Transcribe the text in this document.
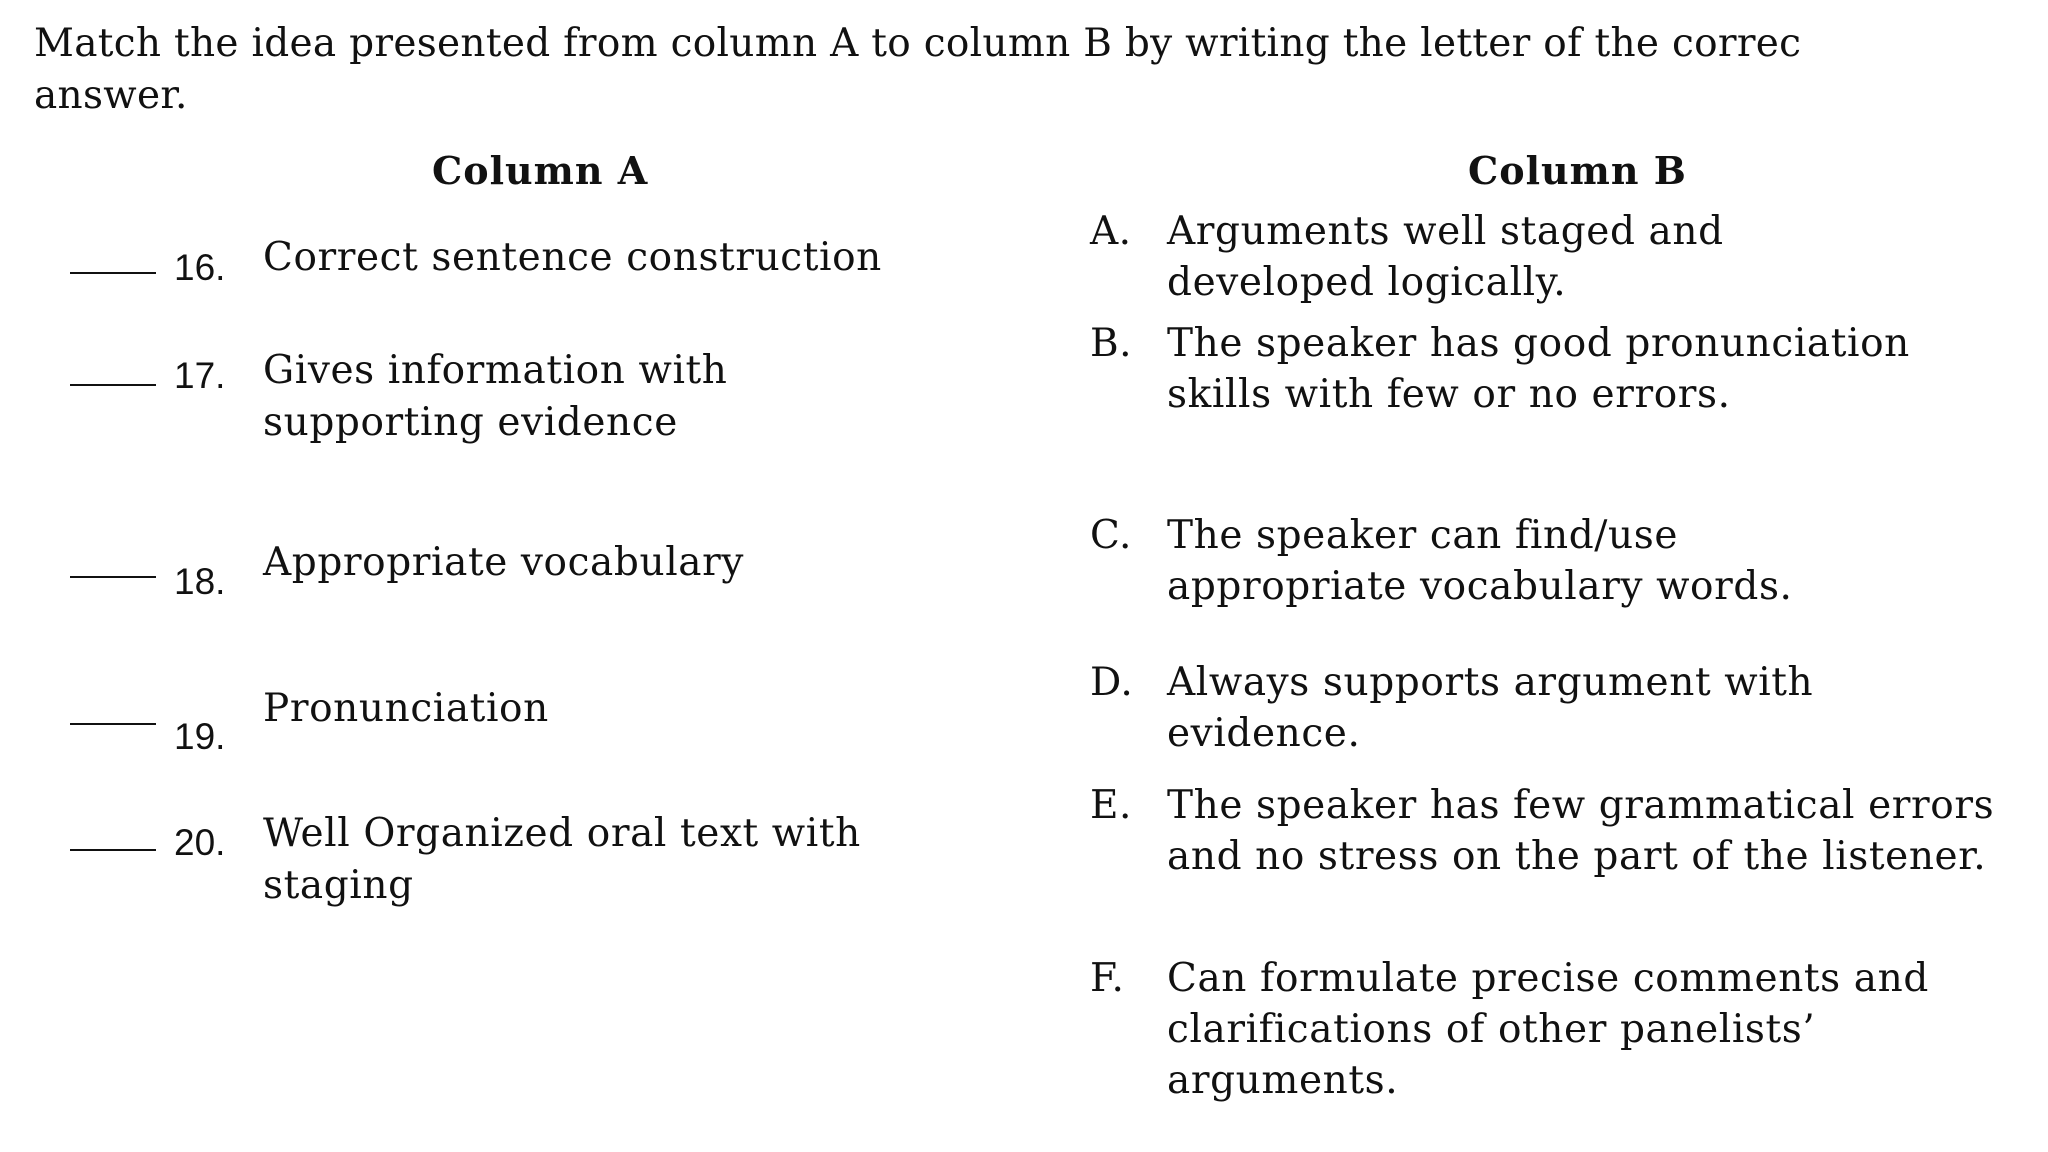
Match the idea presented from column A to column B by writing the letter of the correc
answer.
Column A	Column B
16. Correct sentence construction
17. Gives information with supporting evidence
18. Appropriate vocabulary
19.
Pronunciation
20. Well Organized oral text with staging
A. Arguments well staged and developed logically.
B. The speaker has good pronunciation skills with few or no errors.
C. The speaker can find/use appropriate vocabulary words.
D. Always supports argument with evidence.
E. The speaker has few grammatical errors and no stress on the part of the listener.
F. Can formulate precise comments and clarifications of other panelists’ arguments.
